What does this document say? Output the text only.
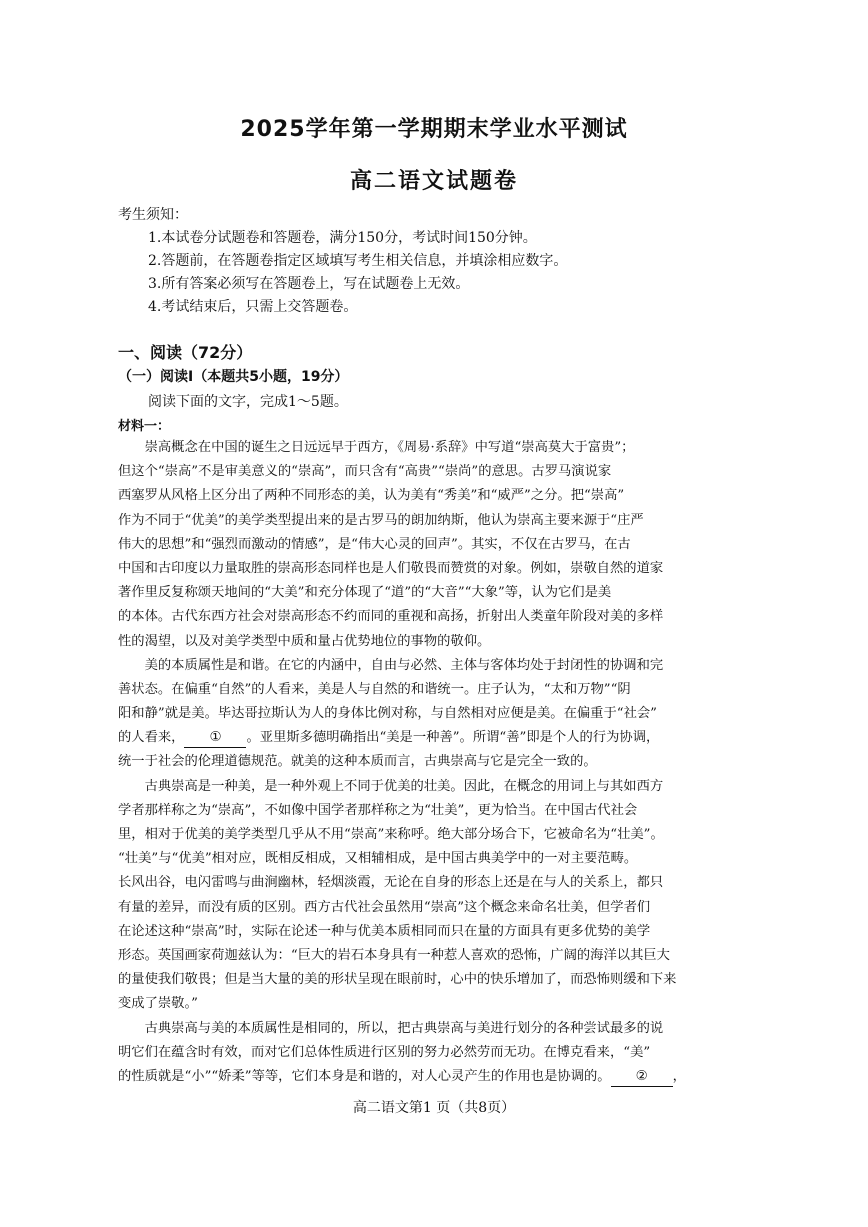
2025学年第一学期期末学业水平测试
高二语文试题卷
考生须知：
1.本试卷分试题卷和答题卷，满分150分，考试时间150分钟。
2.答题前，在答题卷指定区域填写考生相关信息，并填涂相应数字。
3.所有答案必须写在答题卷上，写在试题卷上无效。
4.考试结束后，只需上交答题卷。
一、阅读（72分）
（一）阅读Ⅰ（本题共5小题，19分）
阅读下面的文字，完成1～5题。
材料一：
　　崇高概念在中国的诞生之日远远早于西方，《周易·系辞》中写道“崇高莫大于富贵”；
但这个“崇高”不是审美意义的“崇高”，而只含有“高贵”“崇尚”的意思。古罗马演说家
西塞罗从风格上区分出了两种不同形态的美，认为美有“秀美”和“威严”之分。把“崇高”
作为不同于“优美”的美学类型提出来的是古罗马的朗加纳斯，他认为崇高主要来源于“庄严
伟大的思想”和“强烈而激动的情感”，是“伟大心灵的回声”。其实，不仅在古罗马，在古
中国和古印度以力量取胜的崇高形态同样也是人们敬畏而赞赏的对象。例如，崇敬自然的道家
著作里反复称颂天地间的“大美”和充分体现了“道”的“大音”“大象”等，认为它们是美
的本体。古代东西方社会对崇高形态不约而同的重视和高扬，折射出人类童年阶段对美的多样
性的渴望，以及对美学类型中质和量占优势地位的事物的敬仰。
　　美的本质属性是和谐。在它的内涵中，自由与必然、主体与客体均处于封闭性的协调和完
善状态。在偏重“自然”的人看来，美是人与自然的和谐统一。庄子认为，“太和万物”“阴
阳和静”就是美。毕达哥拉斯认为人的身体比例对称，与自然相对应便是美。在偏重于“社会”
的人看来， ① 。亚里斯多德明确指出“美是一种善”。所谓“善”即是个人的行为协调，
统一于社会的伦理道德规范。就美的这种本质而言，古典崇高与它是完全一致的。
　　古典崇高是一种美，是一种外观上不同于优美的壮美。因此，在概念的用词上与其如西方
学者那样称之为“崇高”，不如像中国学者那样称之为“壮美”，更为恰当。在中国古代社会
里，相对于优美的美学类型几乎从不用“崇高”来称呼。绝大部分场合下，它被命名为“壮美”。
“壮美”与“优美”相对应，既相反相成，又相辅相成，是中国古典美学中的一对主要范畴。
长风出谷，电闪雷鸣与曲涧幽林，轻烟淡霞，无论在自身的形态上还是在与人的关系上，都只
有量的差异，而没有质的区别。西方古代社会虽然用“崇高”这个概念来命名壮美，但学者们
在论述这种“崇高”时，实际在论述一种与优美本质相同而只在量的方面具有更多优势的美学
形态。英国画家荷迦兹认为：“巨大的岩石本身具有一种惹人喜欢的恐怖，广阔的海洋以其巨大
的量使我们敬畏；但是当大量的美的形状呈现在眼前时，心中的快乐增加了，而恐怖则缓和下来
变成了崇敬。”
　　古典崇高与美的本质属性是相同的，所以，把古典崇高与美进行划分的各种尝试最多的说
明它们在蕴含时有效，而对它们总体性质进行区别的努力必然劳而无功。在博克看来，“美”
的性质就是“小”“娇柔”等等，它们本身是和谐的，对人心灵产生的作用也是协调的。 ② ，
高二语文第1 页（共8页）
